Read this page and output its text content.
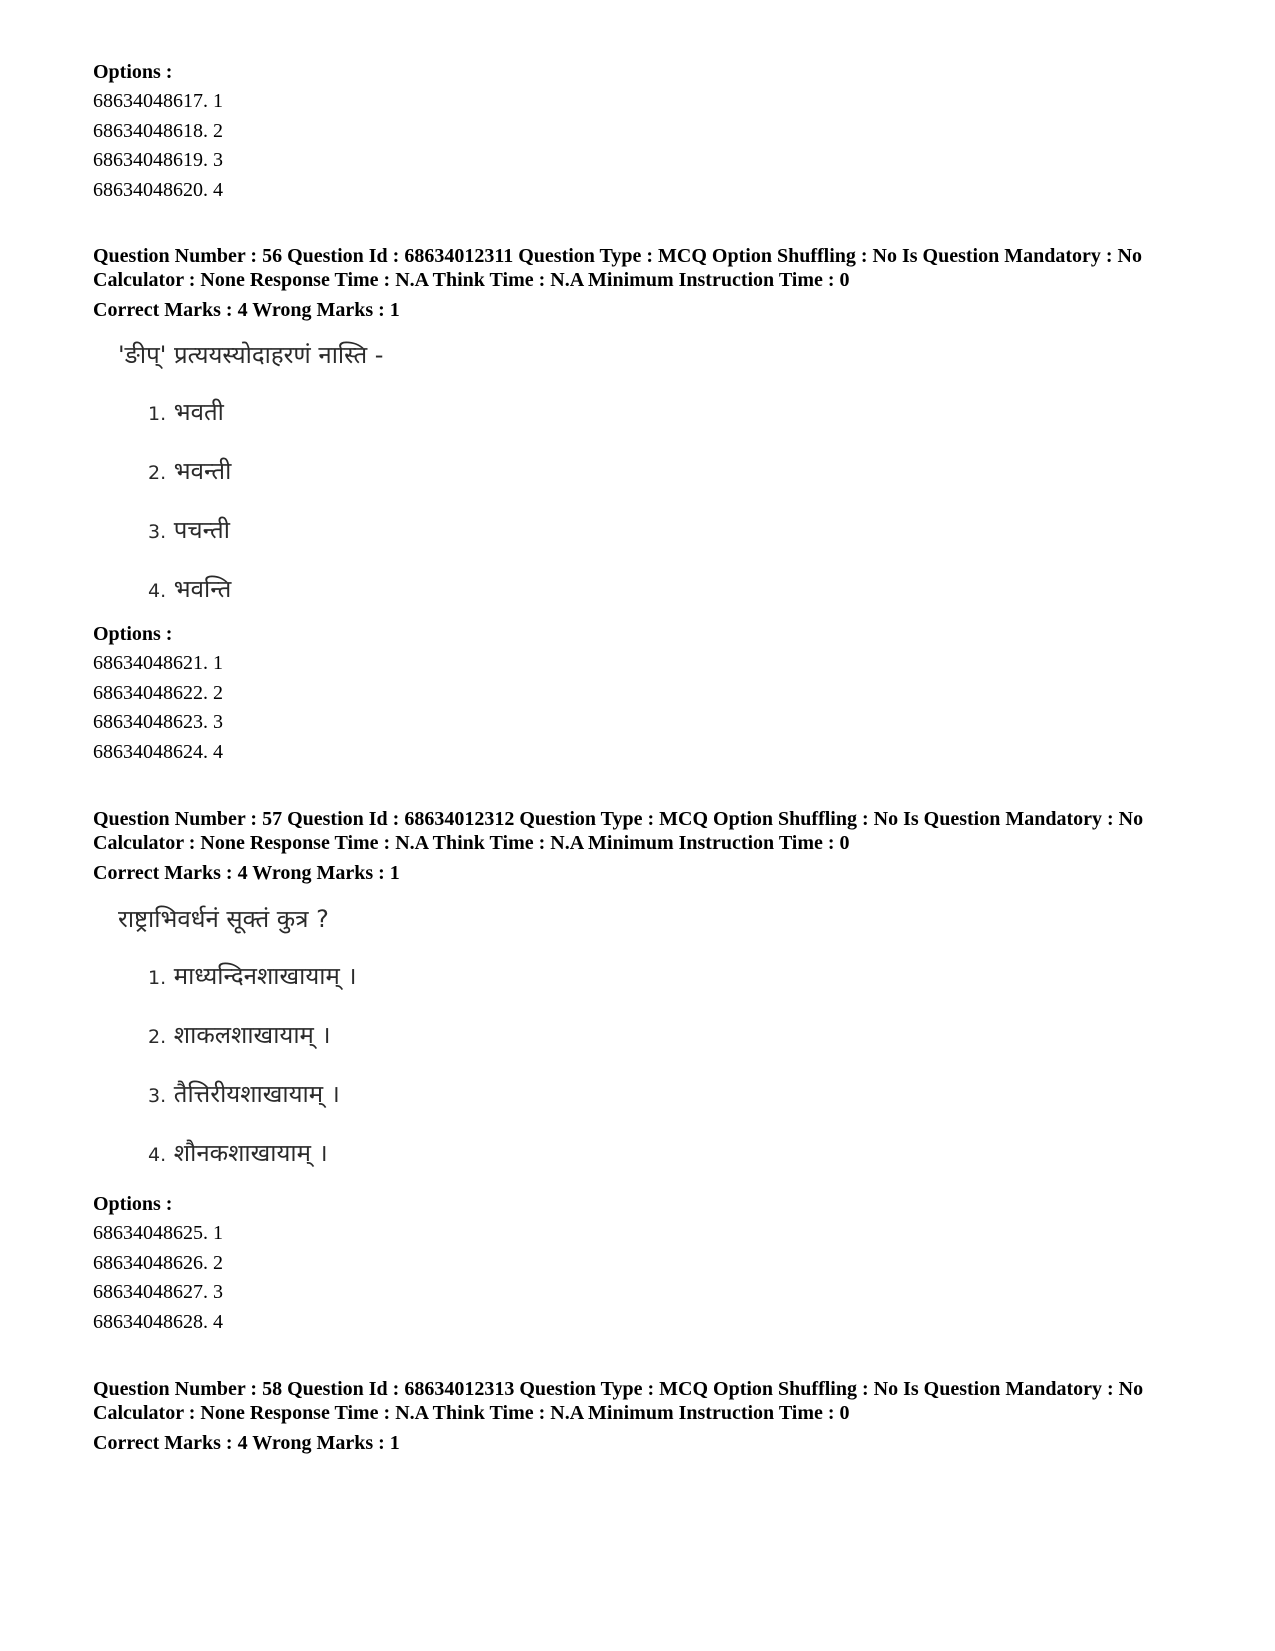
Options :
68634048617. 1
68634048618. 2
68634048619. 3
68634048620. 4
Question Number : 56 Question Id : 68634012311 Question Type : MCQ Option Shuffling : No Is Question Mandatory : No Calculator : None Response Time : N.A Think Time : N.A Minimum Instruction Time : 0
Correct Marks : 4 Wrong Marks : 1
'ङीप्' प्रत्ययस्योदाहरणं नास्ति -
1. भवती
2. भवन्ती
3. पचन्ती
4. भवन्ति
Options :
68634048621. 1
68634048622. 2
68634048623. 3
68634048624. 4
Question Number : 57 Question Id : 68634012312 Question Type : MCQ Option Shuffling : No Is Question Mandatory : No Calculator : None Response Time : N.A Think Time : N.A Minimum Instruction Time : 0
Correct Marks : 4 Wrong Marks : 1
राष्ट्राभिवर्धनं सूक्तं कुत्र ?
1. माध्यन्दिनशाखायाम् ।
2. शाकलशाखायाम् ।
3. तैत्तिरीयशाखायाम् ।
4. शौनकशाखायाम् ।
Options :
68634048625. 1
68634048626. 2
68634048627. 3
68634048628. 4
Question Number : 58 Question Id : 68634012313 Question Type : MCQ Option Shuffling : No Is Question Mandatory : No Calculator : None Response Time : N.A Think Time : N.A Minimum Instruction Time : 0
Correct Marks : 4 Wrong Marks : 1
